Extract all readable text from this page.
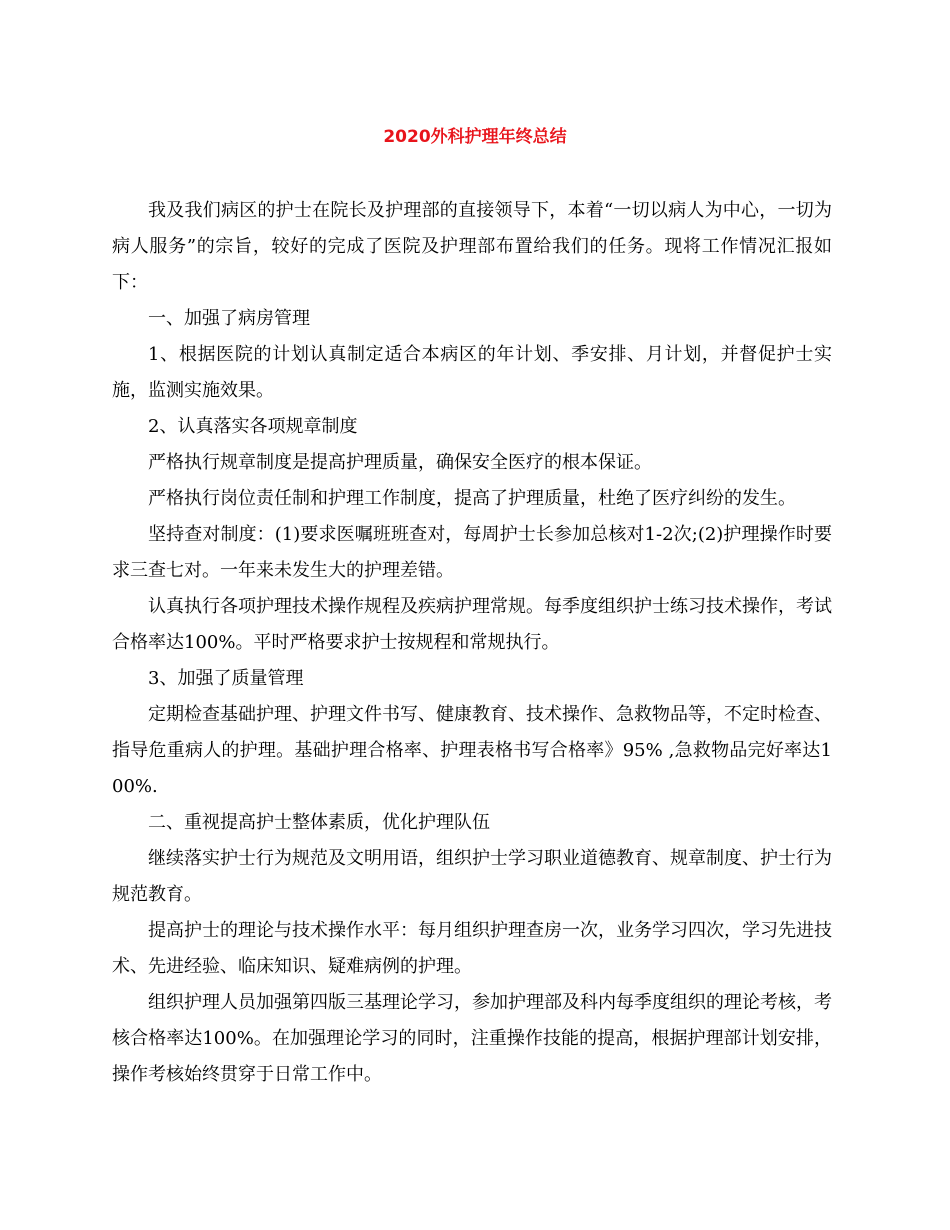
2020外科护理年终总结

我及我们病区的护士在院长及护理部的直接领导下，本着“一切以病人为中心，一切为病人服务”的宗旨，较好的完成了医院及护理部布置给我们的任务。现将工作情况汇报如下：

一、加强了病房管理

1、根据医院的计划认真制定适合本病区的年计划、季安排、月计划，并督促护士实施，监测实施效果。

2、认真落实各项规章制度

严格执行规章制度是提高护理质量，确保安全医疗的根本保证。

严格执行岗位责任制和护理工作制度，提高了护理质量，杜绝了医疗纠纷的发生。

坚持查对制度：(1)要求医嘱班班查对，每周护士长参加总核对1-2次;(2)护理操作时要求三查七对。一年来未发生大的护理差错。

认真执行各项护理技术操作规程及疾病护理常规。每季度组织护士练习技术操作，考试合格率达100%。平时严格要求护士按规程和常规执行。

3、加强了质量管理

定期检查基础护理、护理文件书写、健康教育、技术操作、急救物品等，不定时检查、指导危重病人的护理。基础护理合格率、护理表格书写合格率》95% ,急救物品完好率达100%.

二、重视提高护士整体素质，优化护理队伍

继续落实护士行为规范及文明用语，组织护士学习职业道德教育、规章制度、护士行为规范教育。

提高护士的理论与技术操作水平：每月组织护理查房一次，业务学习四次，学习先进技术、先进经验、临床知识、疑难病例的护理。

组织护理人员加强第四版三基理论学习，参加护理部及科内每季度组织的理论考核，考核合格率达100%。在加强理论学习的同时，注重操作技能的提高，根据护理部计划安排，操作考核始终贯穿于日常工作中。
